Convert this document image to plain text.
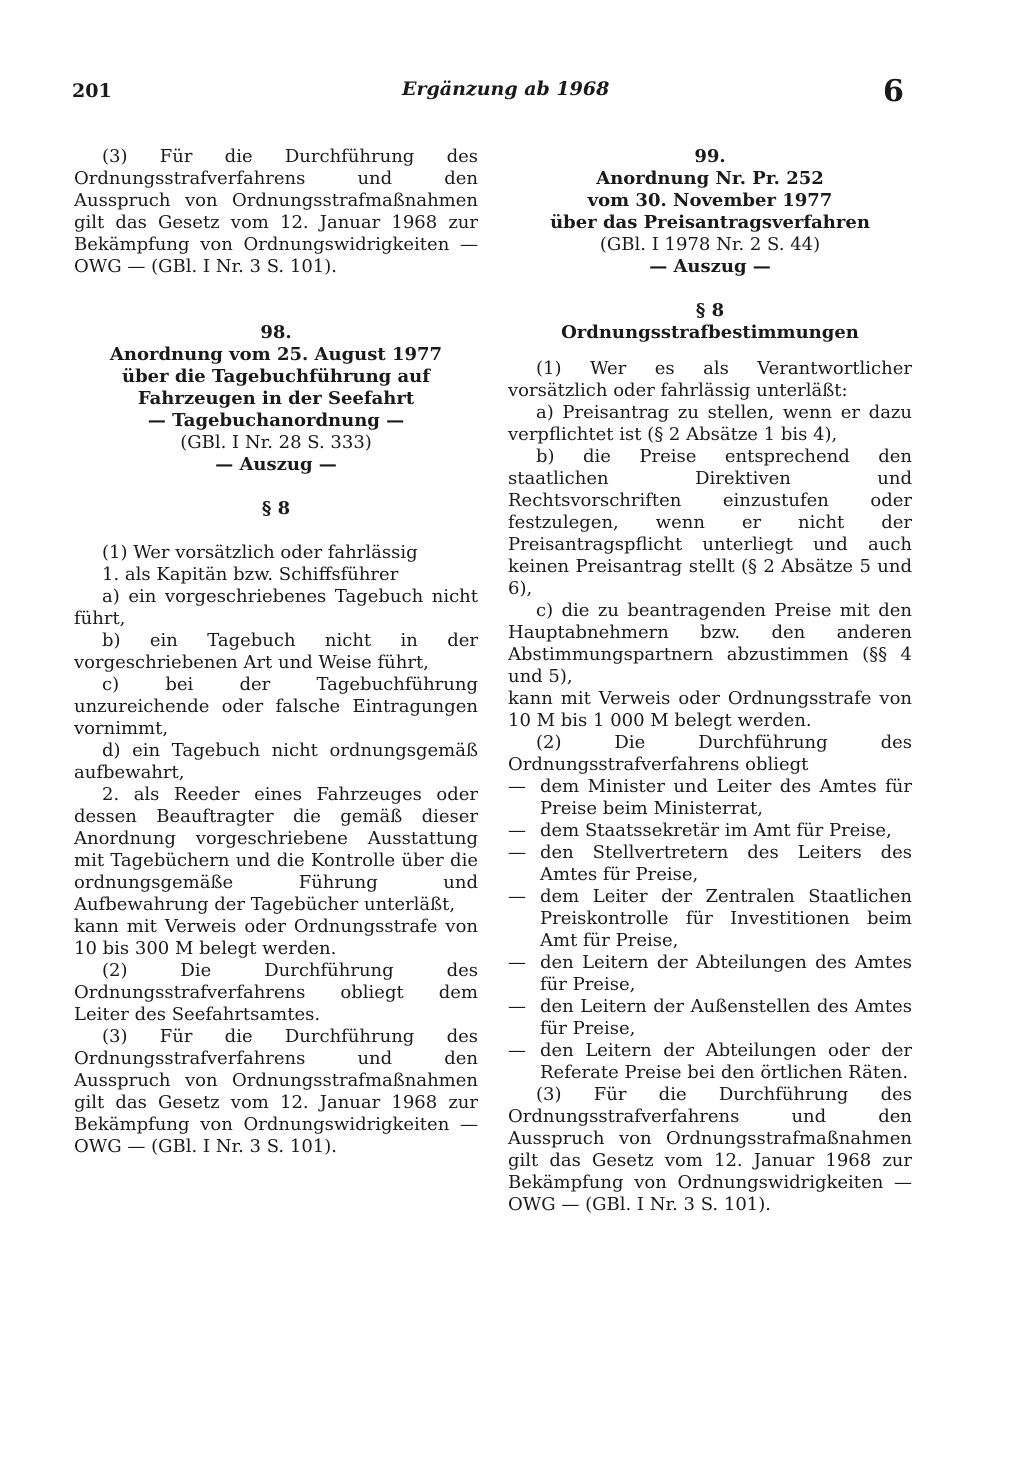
201	Ergänzung ab 1968	6

(3) Für die Durchführung des Ordnungsstrafverfahrens und den Ausspruch von Ordnungsstrafmaßnahmen gilt das Gesetz vom 12. Januar 1968 zur Bekämpfung von Ordnungswidrigkeiten — OWG — (GBl. I Nr. 3 S. 101).

98.

Anordnung vom 25. August 1977

über die Tagebuchführung auf Fahrzeugen in der Seefahrt

— Tagebuchanordnung —

(GBl. I Nr. 28 S. 333)

— Auszug —

§ 8

(1) Wer vorsätzlich oder fahrlässig

1. als Kapitän bzw. Schiffsführer

a) ein vorgeschriebenes Tagebuch nicht führt,

b) ein Tagebuch nicht in der vorgeschriebenen Art und Weise führt,

c) bei der Tagebuchführung unzureichende oder falsche Eintragungen vornimmt,

d) ein Tagebuch nicht ordnungsgemäß aufbewahrt,

2. als Reeder eines Fahrzeuges oder dessen Beauftragter die gemäß dieser Anordnung vorgeschriebene Ausstattung mit Tagebüchern und die Kontrolle über die ordnungsgemäße Führung und Aufbewahrung der Tagebücher unterläßt,

kann mit Verweis oder Ordnungsstrafe von 10 bis 300 M belegt werden.

(2) Die Durchführung des Ordnungsstrafverfahrens obliegt dem Leiter des Seefahrtsamtes.

(3) Für die Durchführung des Ordnungsstrafverfahrens und den Ausspruch von Ordnungsstrafmaßnahmen gilt das Gesetz vom 12. Januar 1968 zur Bekämpfung von Ordnungswidrigkeiten — OWG — (GBl. I Nr. 3 S. 101).

99.

Anordnung Nr. Pr. 252

vom 30. November 1977

über das Preisantragsverfahren

(GBl. I 1978 Nr. 2 S. 44)

— Auszug —

§ 8

Ordnungsstrafbestimmungen

(1) Wer es als Verantwortlicher vorsätzlich oder fahrlässig unterläßt:

a) Preisantrag zu stellen, wenn er dazu verpflichtet ist (§ 2 Absätze 1 bis 4),

b) die Preise entsprechend den staatlichen Direktiven und Rechtsvorschriften einzustufen oder festzulegen, wenn er nicht der Preisantragspflicht unterliegt und auch keinen Preisantrag stellt (§ 2 Absätze 5 und 6),

c) die zu beantragenden Preise mit den Hauptabnehmern bzw. den anderen Abstimmungspartnern abzustimmen (§§ 4 und 5),

kann mit Verweis oder Ordnungsstrafe von 10 M bis 1 000 M belegt werden.

(2) Die Durchführung des Ordnungsstrafverfahrens obliegt

— dem Minister und Leiter des Amtes für Preise beim Ministerrat,

— dem Staatssekretär im Amt für Preise,

— den Stellvertretern des Leiters des Amtes für Preise,

— dem Leiter der Zentralen Staatlichen Preiskontrolle für Investitionen beim Amt für Preise,

— den Leitern der Abteilungen des Amtes für Preise,

— den Leitern der Außenstellen des Amtes für Preise,

— den Leitern der Abteilungen oder der Referate Preise bei den örtlichen Räten.

(3) Für die Durchführung des Ordnungsstrafverfahrens und den Ausspruch von Ordnungsstrafmaßnahmen gilt das Gesetz vom 12. Januar 1968 zur Bekämpfung von Ordnungswidrigkeiten — OWG — (GBl. I Nr. 3 S. 101).
